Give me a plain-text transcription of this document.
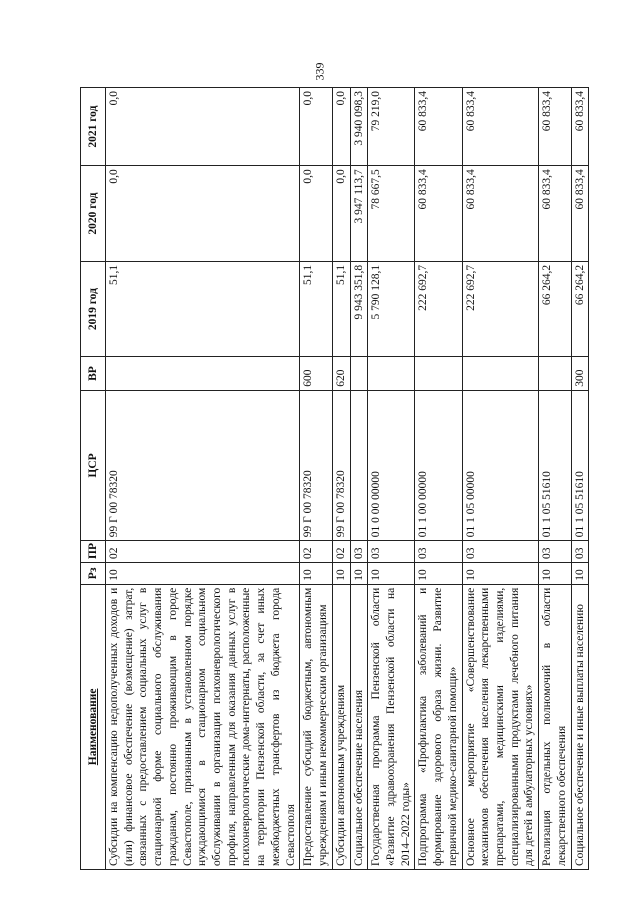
339
Наименование	Рз	ПР	ЦСР	ВР	2019 год	2020 год	2021 год
Субсидии на компенсацию недополученных доходов и (или) финансовое обеспечение (возмещение) затрат, связанных с предоставлением социальных услуг в стационарной форме социального обслуживания гражданам, постоянно проживающим в городе Севастополе, признанным в установленном порядке нуждающимися в стационарном социальном обслуживании в организации психоневрологического профиля, направленным для оказания данных услуг в психоневрологические дома-интернаты, расположенные на территории Пензенской области, за счет иных межбюджетных трансфертов из бюджета города Севастополя	10	02	99 Г 00 78320		51,1	0,0	0,0
Предоставление субсидий бюджетным, автономным учреждениям и иным некоммерческим организациям	10	02	99 Г 00 78320	600	51,1	0,0	0,0
Субсидии автономным учреждениям	10	02	99 Г 00 78320	620	51,1	0,0	0,0
Социальное обеспечение населения	10	03			9 943 351,8	3 947 113,7	3 940 098,3
Государственная программа Пензенской области «Развитие здравоохранения Пензенской области на 2014–2022 годы»	10	03	01 0 00 00000		5 790 128,1	78 667,5	79 219,0
Подпрограмма «Профилактика заболеваний и формирование здорового образа жизни. Развитие первичной медико-санитарной помощи»	10	03	01 1 00 00000		222 692,7	60 833,4	60 833,4
Основное мероприятие «Совершенствование механизмов обеспечения населения лекарственными препаратами, медицинскими изделиями, специализированными продуктами лечебного питания для детей в амбулаторных условиях»	10	03	01 1 05 00000		222 692,7	60 833,4	60 833,4
Реализация отдельных полномочий в области лекарственного обеспечения	10	03	01 1 05 51610		66 264,2	60 833,4	60 833,4
Социальное обеспечение и иные выплаты населению	10	03	01 1 05 51610	300	66 264,2	60 833,4	60 833,4
